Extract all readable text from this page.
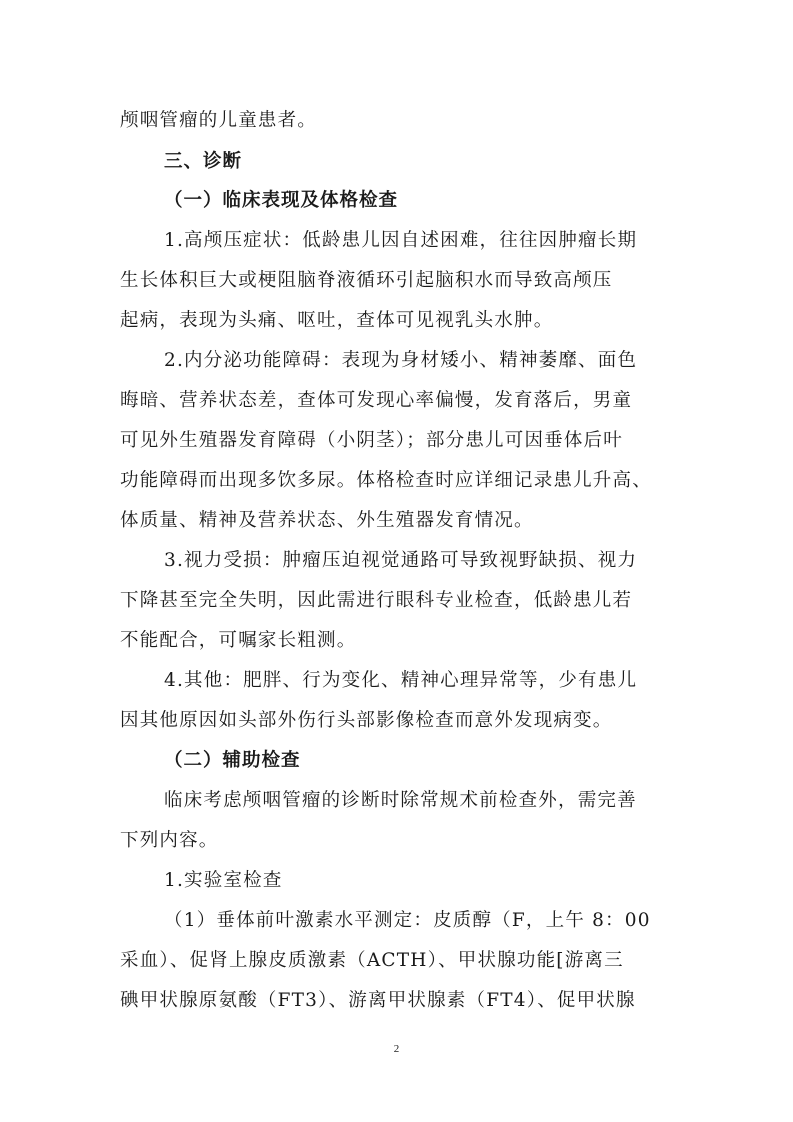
颅咽管瘤的儿童患者。
三、诊断
（一）临床表现及体格检查
1.高颅压症状：低龄患儿因自述困难，往往因肿瘤长期
生长体积巨大或梗阻脑脊液循环引起脑积水而导致高颅压
起病，表现为头痛、呕吐，查体可见视乳头水肿。
2.内分泌功能障碍：表现为身材矮小、精神萎靡、面色
晦暗、营养状态差，查体可发现心率偏慢，发育落后，男童
可见外生殖器发育障碍（小阴茎）；部分患儿可因垂体后叶
功能障碍而出现多饮多尿。体格检查时应详细记录患儿升高、
体质量、精神及营养状态、外生殖器发育情况。
3.视力受损：肿瘤压迫视觉通路可导致视野缺损、视力
下降甚至完全失明，因此需进行眼科专业检查，低龄患儿若
不能配合，可嘱家长粗测。
4.其他：肥胖、行为变化、精神心理异常等，少有患儿
因其他原因如头部外伤行头部影像检查而意外发现病变。
（二）辅助检查
临床考虑颅咽管瘤的诊断时除常规术前检查外，需完善
下列内容。
1.实验室检查
（1）垂体前叶激素水平测定：皮质醇（F，上午 8：00
采血）、促肾上腺皮质激素（ACTH）、甲状腺功能[游离三
碘甲状腺原氨酸（FT3）、游离甲状腺素（FT4）、促甲状腺
2
